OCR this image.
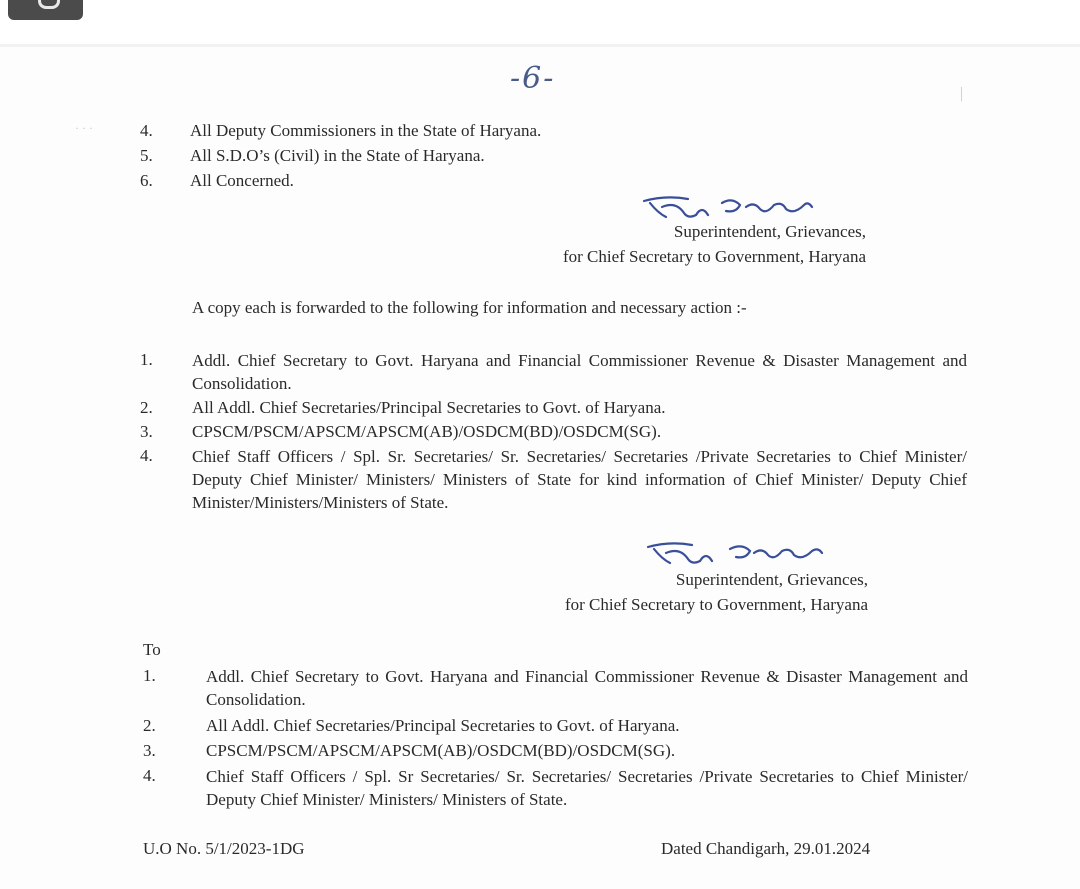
· · ·
|
-6-
4. All Deputy Commissioners in the State of Haryana.
5. All S.D.O’s (Civil) in the State of Haryana.
6. All Concerned.
Superintendent, Grievances,
for Chief Secretary to Government, Haryana
A copy each is forwarded to the following for information and necessary action :-
1. Addl. Chief Secretary to Govt. Haryana and Financial Commissioner Revenue & Disaster Management and Consolidation.
2. All Addl. Chief Secretaries/Principal Secretaries to Govt. of Haryana.
3. CPSCM/PSCM/APSCM/APSCM(AB)/OSDCM(BD)/OSDCM(SG).
4. Chief Staff Officers / Spl. Sr. Secretaries/ Sr. Secretaries/ Secretaries /Private Secretaries to Chief Minister/ Deputy Chief Minister/ Ministers/ Ministers of State for kind information of Chief Minister/ Deputy Chief Minister/Ministers/Ministers of State.
Superintendent, Grievances,
for Chief Secretary to Government, Haryana
To
1.	Addl. Chief Secretary to Govt. Haryana and Financial Commissioner Revenue & Disaster Management and Consolidation.
2.	All Addl. Chief Secretaries/Principal Secretaries to Govt. of Haryana.
3.	CPSCM/PSCM/APSCM/APSCM(AB)/OSDCM(BD)/OSDCM(SG).
4.	Chief Staff Officers / Spl. Sr Secretaries/ Sr. Secretaries/ Secretaries /Private Secretaries to Chief Minister/ Deputy Chief Minister/ Ministers/ Ministers of State.
U.O No. 5/1/2023-1DG	Dated Chandigarh, 29.01.2024
